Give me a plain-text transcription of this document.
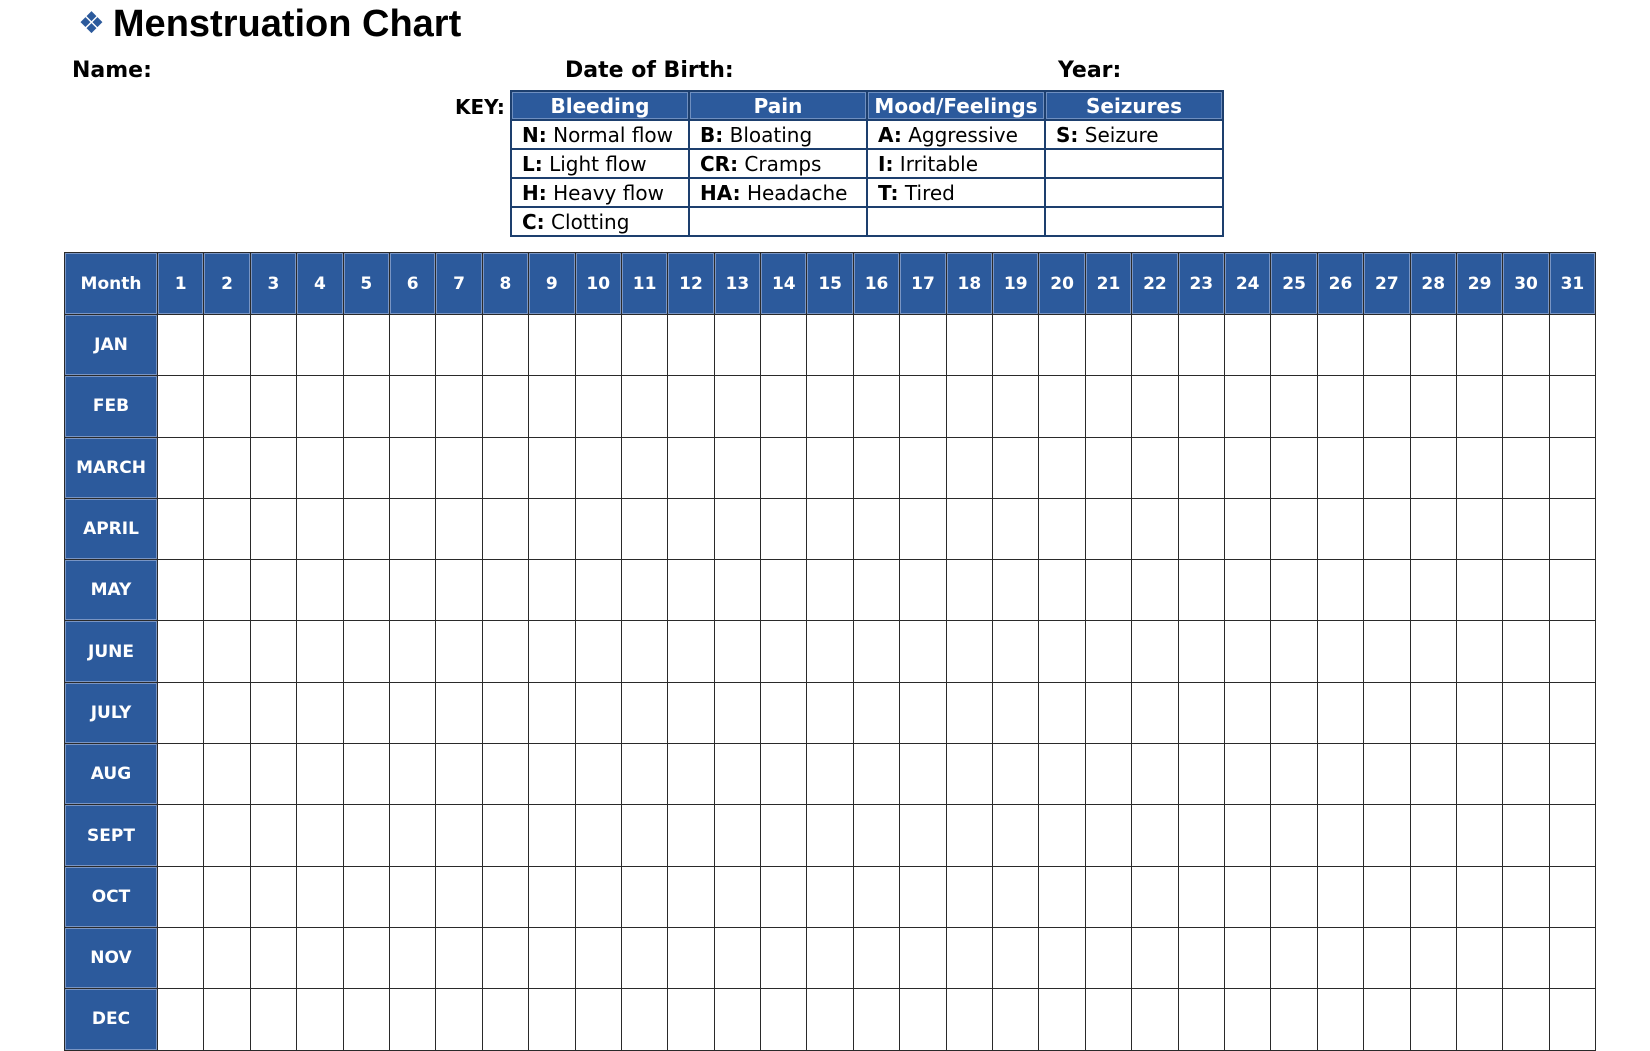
❖ Menstruation Chart
Name:	Date of Birth:	Year:
KEY: Bleeding	Pain	Mood/Feelings	Seizures
N: Normal flow	B: Bloating	A: Aggressive	S: Seizure
L: Light flow	CR: Cramps	I: Irritable	
H: Heavy flow	HA: Headache	T: Tired	
C: Clotting			
Month	1	2	3	4	5	6	7	8	9	10	11	12	13	14	15	16	17	18	19	20	21	22	23	24	25	26	27	28	29	30	31
JAN																															
FEB																															
MARCH																															
APRIL																															
MAY																															
JUNE																															
JULY																															
AUG																															
SEPT																															
OCT																															
NOV																															
DEC																															
